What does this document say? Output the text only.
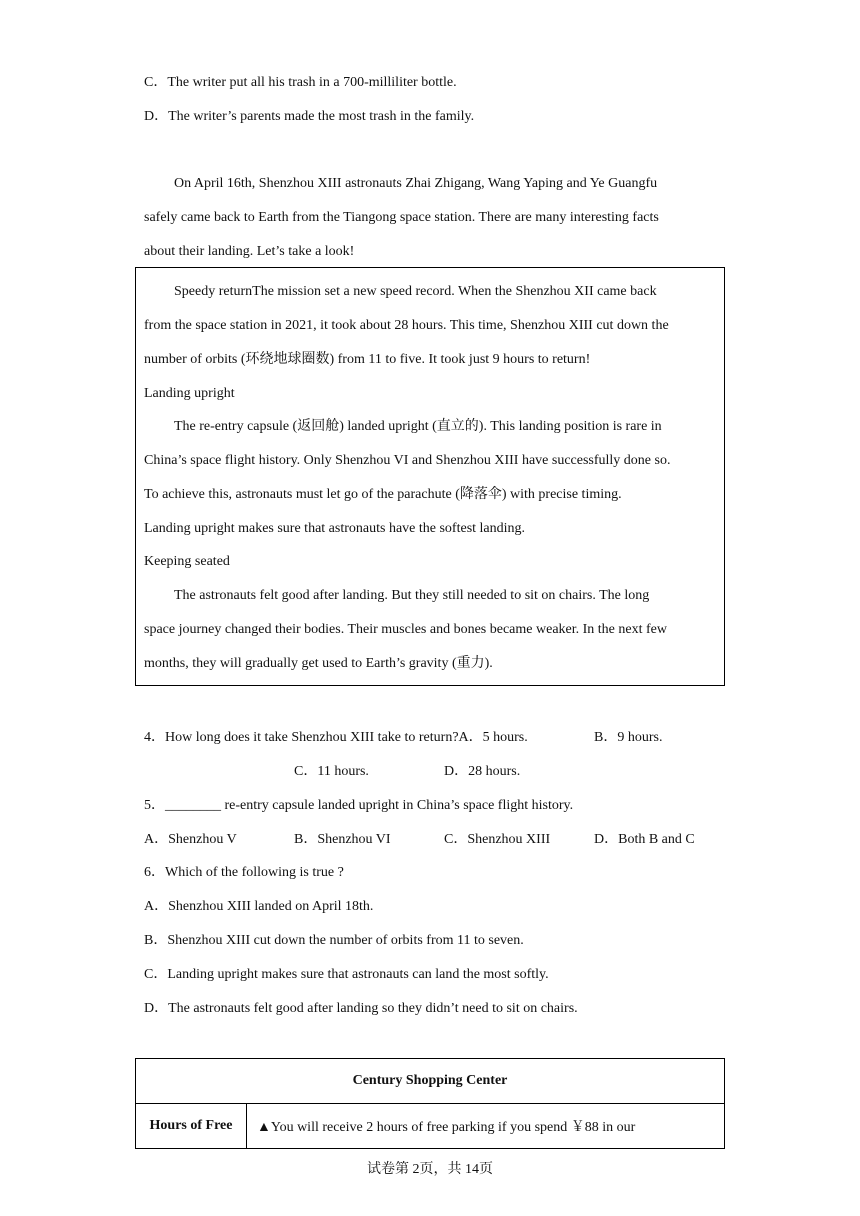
C．The writer put all his trash in a 700-milliliter bottle.
D．The writer’s parents made the most trash in the family.
On April 16th, Shenzhou XIII astronauts Zhai Zhigang, Wang Yaping and Ye Guangfu
safely came back to Earth from the Tiangong space station. There are many interesting facts
about their landing. Let’s take a look!
Speedy returnThe mission set a new speed record. When the Shenzhou XII came back
from the space station in 2021, it took about 28 hours. This time, Shenzhou XIII cut down the
number of orbits (环绕地球圈数) from 11 to five. It took just 9 hours to return!
Landing upright
The re-entry capsule (返回舱) landed upright (直立的). This landing position is rare in
China’s space flight history. Only Shenzhou VI and Shenzhou XIII have successfully done so.
To achieve this, astronauts must let go of the parachute (降落伞) with precise timing.
Landing upright makes sure that astronauts have the softest landing.
Keeping seated
The astronauts felt good after landing. But they still needed to sit on chairs. The long
space journey changed their bodies. Their muscles and bones became weaker. In the next few
months, they will gradually get used to Earth’s gravity (重力).
4．How long does it take Shenzhou XIII take to return?A．5 hours.	B．9 hours.
C．11 hours.	D．28 hours.
5．________ re-entry capsule landed upright in China’s space flight history.
A．Shenzhou V	B．Shenzhou VI	C．Shenzhou XIII	D．Both B and C
6．Which of the following is true ?
A．Shenzhou XIII landed on April 18th.
B．Shenzhou XIII cut down the number of orbits from 11 to seven.
C．Landing upright makes sure that astronauts can land the most softly.
D．The astronauts felt good after landing so they didn’t need to sit on chairs.
Century Shopping Center
Hours of Free	▲You will receive 2 hours of free parking if you spend ￥88 in our
试卷第 2页，共 14页
